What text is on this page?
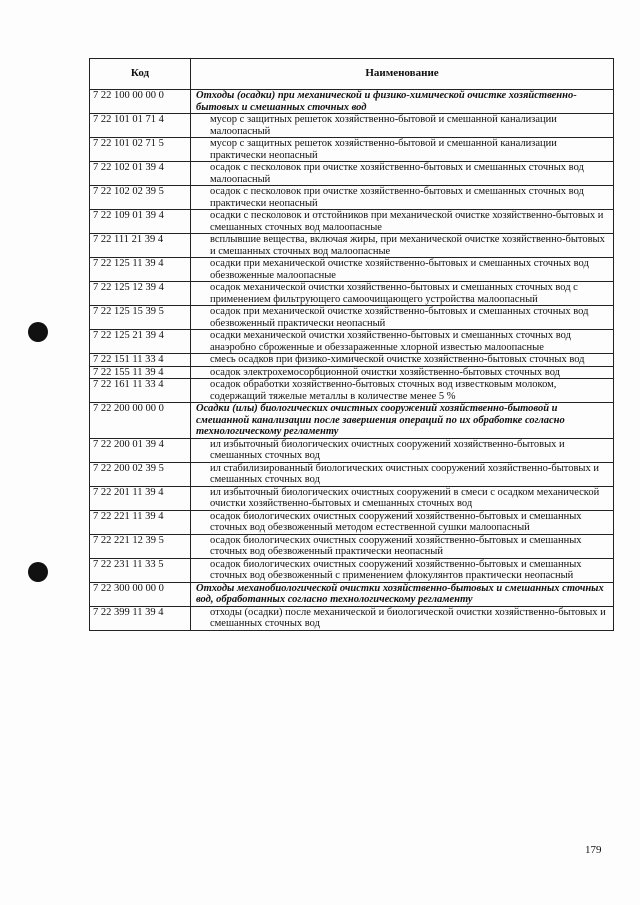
Код	Наименование
7 22 100 00 00 0	Отходы (осадки) при механической и физико-химической очистке хозяйственно-бытовых и смешанных сточных вод
7 22 101 01 71 4	мусор с защитных решеток хозяйственно-бытовой и смешанной канализации малоопасный
7 22 101 02 71 5	мусор с защитных решеток хозяйственно-бытовой и смешанной канализации практически неопасный
7 22 102 01 39 4	осадок с песколовок при очистке хозяйственно-бытовых и смешанных сточных вод малоопасный
7 22 102 02 39 5	осадок с песколовок при очистке хозяйственно-бытовых и смешанных сточных вод практически неопасный
7 22 109 01 39 4	осадки с песколовок и отстойников при механической очистке хозяйственно-бытовых и смешанных сточных вод малоопасные
7 22 111 21 39 4	всплывшие вещества, включая жиры, при механической очистке хозяйственно-бытовых и смешанных сточных вод малоопасные
7 22 125 11 39 4	осадки при механической очистке хозяйственно-бытовых и смешанных сточных вод обезвоженные малоопасные
7 22 125 12 39 4	осадок механической очистки хозяйственно-бытовых и смешанных сточных вод с применением фильтрующего самоочищающего устройства малоопасный
7 22 125 15 39 5	осадок при механической очистке хозяйственно-бытовых и смешанных сточных вод обезвоженный практически неопасный
7 22 125 21 39 4	осадки механической очистки хозяйственно-бытовых и смешанных сточных вод анаэробно сброженные и обеззараженные хлорной известью малоопасные
7 22 151 11 33 4	смесь осадков при физико-химической очистке хозяйственно-бытовых сточных вод
7 22 155 11 39 4	осадок электрохемосорбционной очистки хозяйственно-бытовых сточных вод
7 22 161 11 33 4	осадок обработки хозяйственно-бытовых сточных вод известковым молоком, содержащий тяжелые металлы в количестве менее 5 %
7 22 200 00 00 0	Осадки (илы) биологических очистных сооружений хозяйственно-бытовой и смешанной канализации после завершения операций по их обработке согласно технологическому регламенту
7 22 200 01 39 4	ил избыточный биологических очистных сооружений хозяйственно-бытовых и смешанных сточных вод
7 22 200 02 39 5	ил стабилизированный биологических очистных сооружений хозяйственно-бытовых и смешанных сточных вод
7 22 201 11 39 4	ил избыточный биологических очистных сооружений в смеси с осадком механической очистки хозяйственно-бытовых и смешанных сточных вод
7 22 221 11 39 4	осадок биологических очистных сооружений хозяйственно-бытовых и смешанных сточных вод обезвоженный методом естественной сушки малоопасный
7 22 221 12 39 5	осадок биологических очистных сооружений хозяйственно-бытовых и смешанных сточных вод обезвоженный практически неопасный
7 22 231 11 33 5	осадок биологических очистных сооружений хозяйственно-бытовых и смешанных сточных вод обезвоженный с применением флокулянтов практически неопасный
7 22 300 00 00 0	Отходы механобиологической очистки хозяйственно-бытовых и смешанных сточных вод, обработанных согласно технологическому регламенту
7 22 399 11 39 4	отходы (осадки) после механической и биологической очистки хозяйственно-бытовых и смешанных сточных вод
179
